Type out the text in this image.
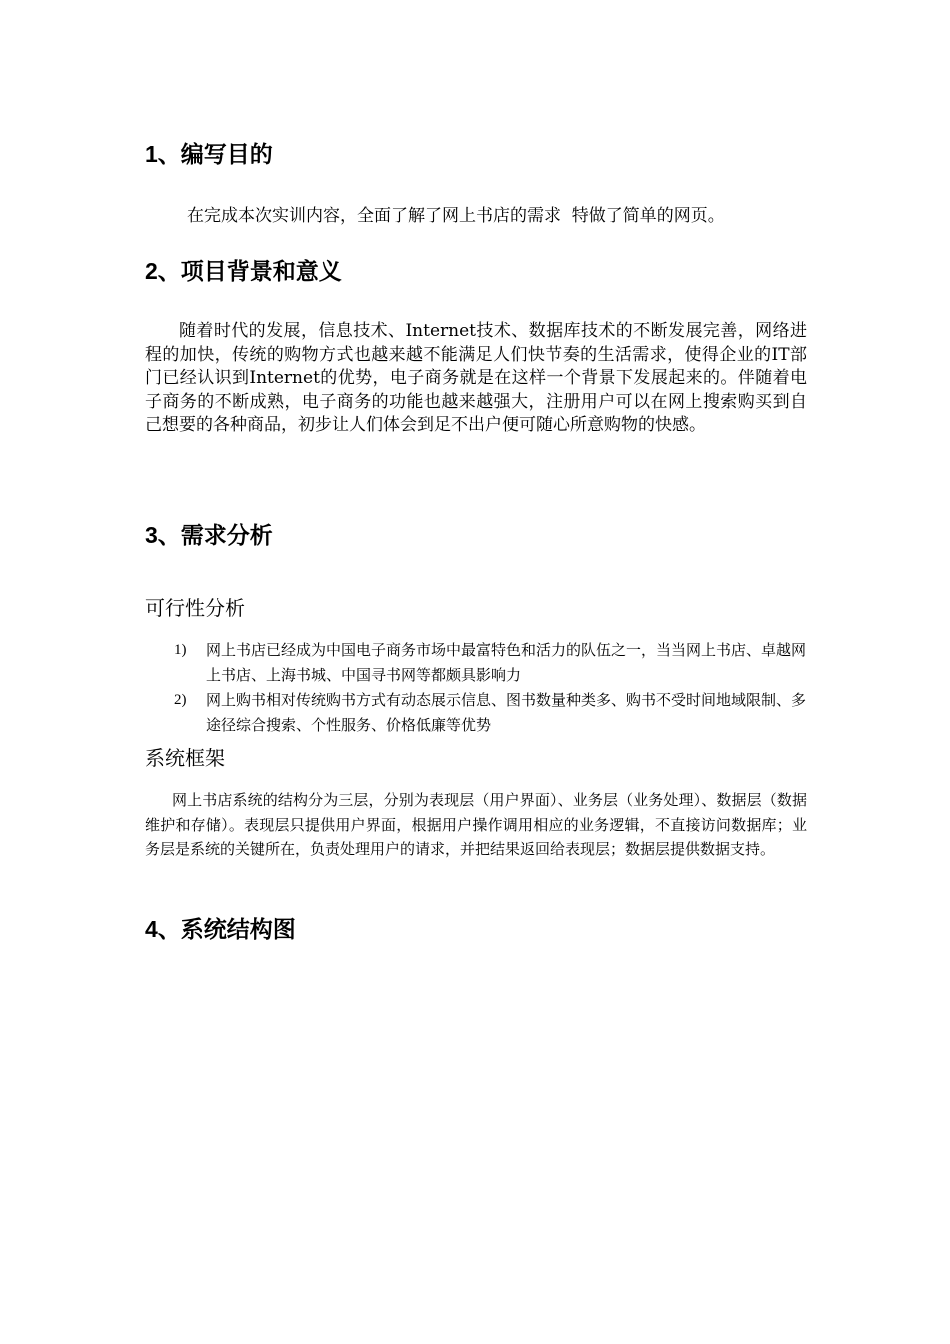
1、编写目的

在完成本次实训内容，全面了解了网上书店的需求  特做了简单的网页。

2、项目背景和意义

随着时代的发展，信息技术、Internet技术、数据库技术的不断发展完善，网络进程的加快，传统的购物方式也越来越不能满足人们快节奏的生活需求，使得企业的IT部门已经认识到Internet的优势，电子商务就是在这样一个背景下发展起来的。伴随着电子商务的不断成熟，电子商务的功能也越来越强大，注册用户可以在网上搜索购买到自己想要的各种商品，初步让人们体会到足不出户便可随心所意购物的快感。

3、需求分析
可行性分析
1) 网上书店已经成为中国电子商务市场中最富特色和活力的队伍之一，当当网上书店、卓越网上书店、上海书城、中国寻书网等都颇具影响力
2) 网上购书相对传统购书方式有动态展示信息、图书数量种类多、购书不受时间地域限制、多途径综合搜索、个性服务、价格低廉等优势
系统框架

网上书店系统的结构分为三层，分别为表现层（用户界面）、业务层（业务处理）、数据层（数据维护和存储）。表现层只提供用户界面，根据用户操作调用相应的业务逻辑，不直接访问数据库；业务层是系统的关键所在，负责处理用户的请求，并把结果返回给表现层；数据层提供数据支持。

4、系统结构图
